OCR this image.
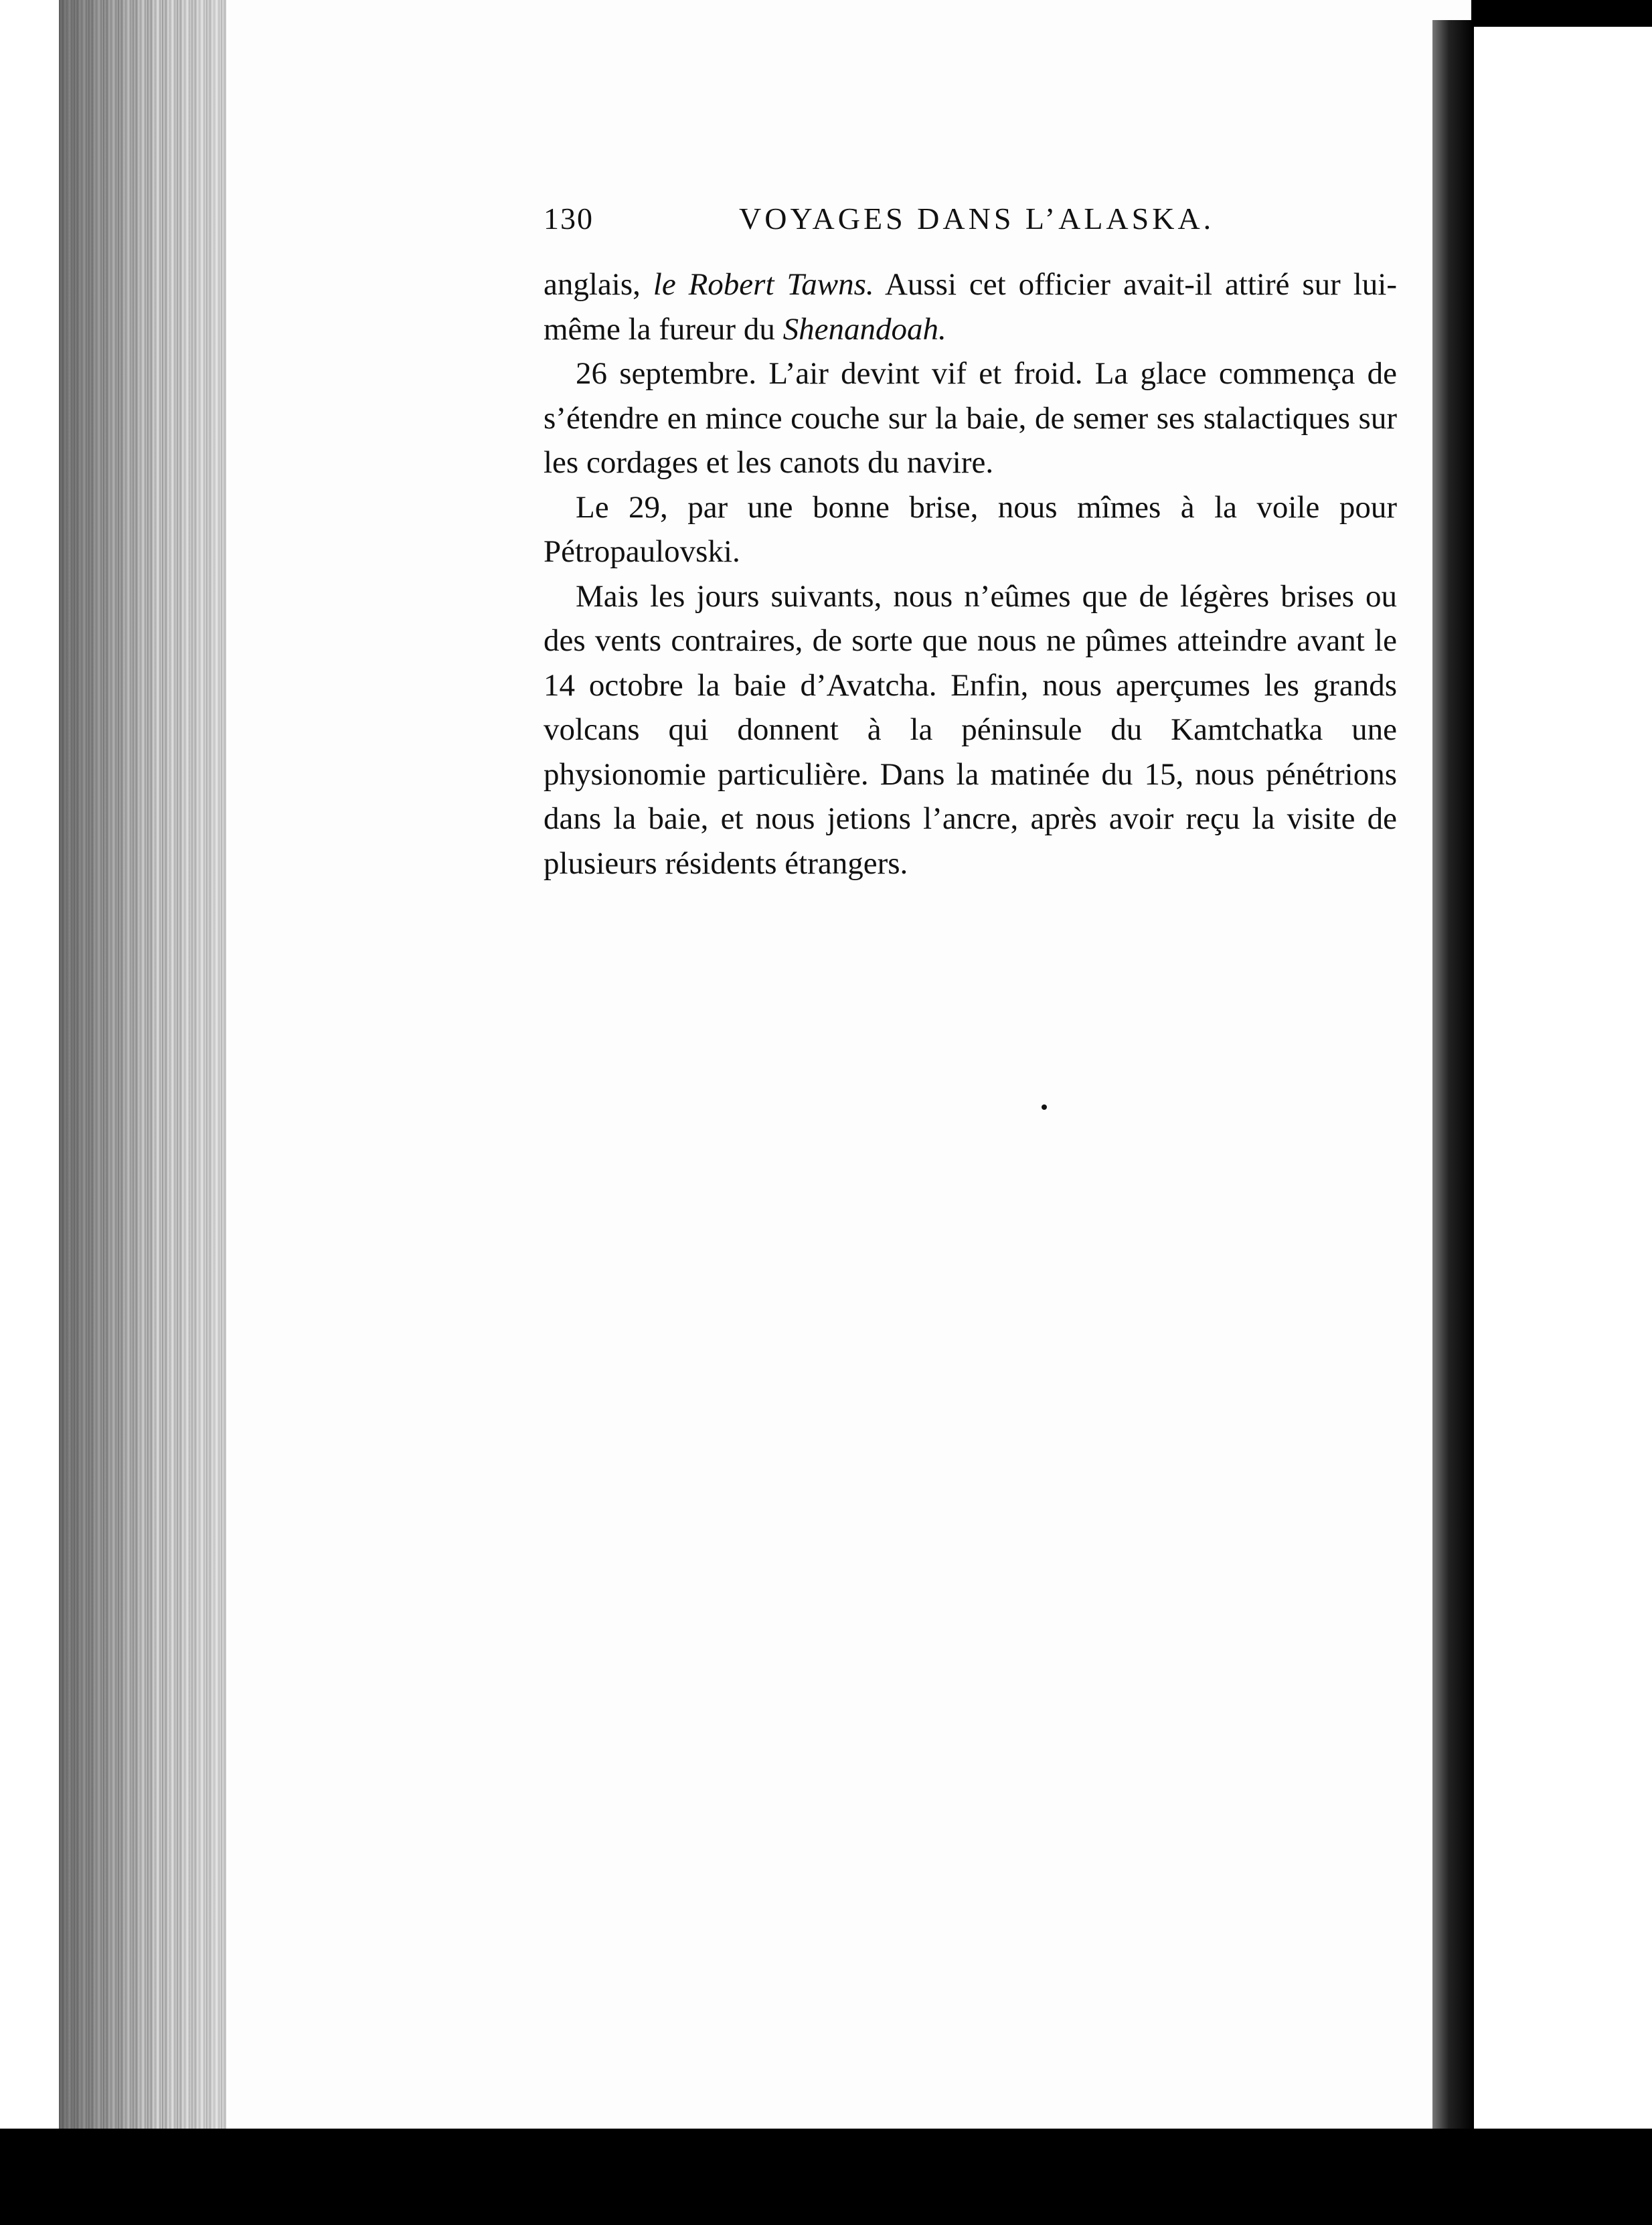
130	VOYAGES DANS L’ALASKA.

anglais, le Robert Tawns. Aussi cet officier avait-il attiré sur lui-même la fureur du Shenandoah.

26 septembre. L’air devint vif et froid. La glace commença de s’étendre en mince couche sur la baie, de semer ses stalactiques sur les cordages et les canots du navire.

Le 29, par une bonne brise, nous mîmes à la voile pour Pétropaulovski.

Mais les jours suivants, nous n’eûmes que de légères brises ou des vents contraires, de sorte que nous ne pûmes atteindre avant le 14 octobre la baie d’Avatcha. Enfin, nous aperçumes les grands volcans qui donnent à la péninsule du Kamtchatka une physionomie particulière. Dans la matinée du 15, nous pénétrions dans la baie, et nous jetions l’ancre, après avoir reçu la visite de plusieurs résidents étrangers.
